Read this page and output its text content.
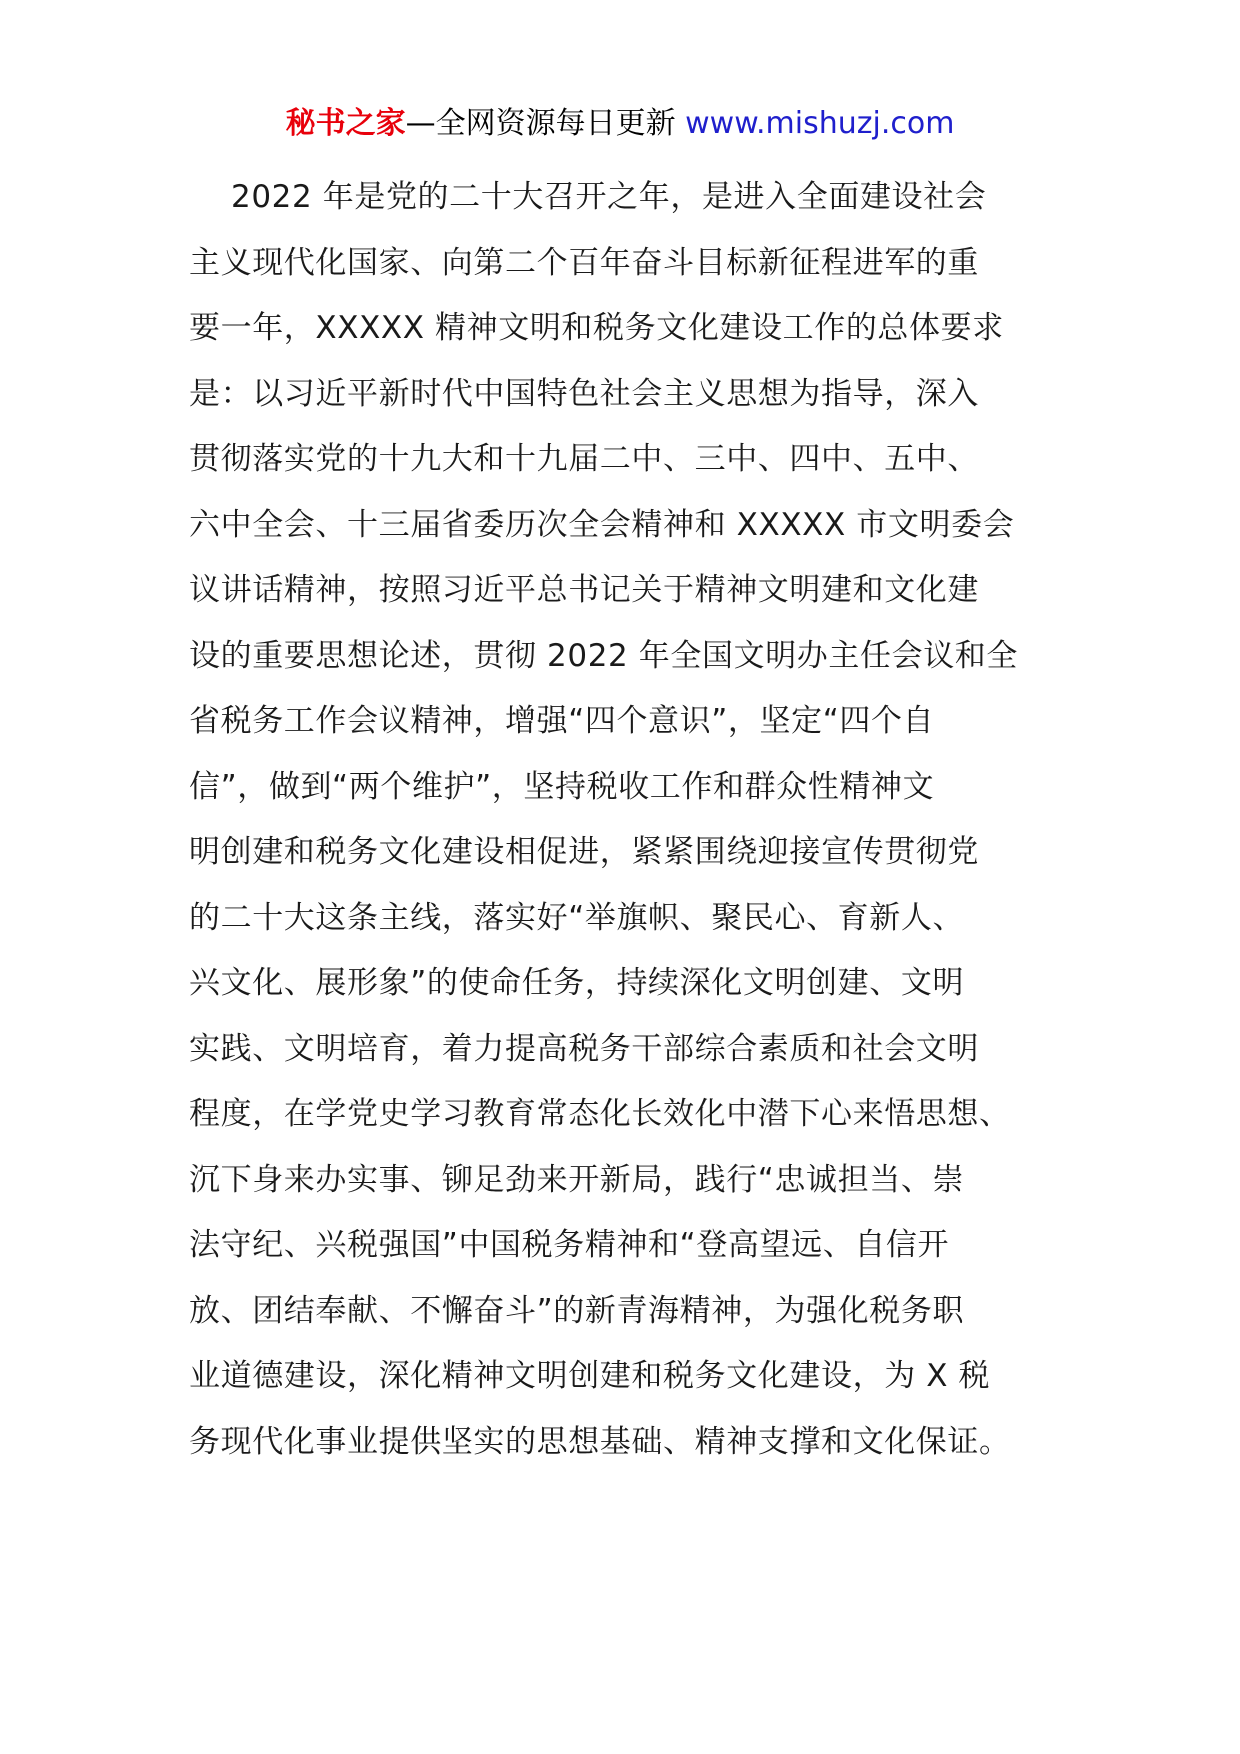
秘书之家—全网资源每日更新 www.mishuzj.com
2022 年是党的二十大召开之年，是进入全面建设社会
主义现代化国家、向第二个百年奋斗目标新征程进军的重
要一年，XXXXX 精神文明和税务文化建设工作的总体要求
是：以习近平新时代中国特色社会主义思想为指导，深入
贯彻落实党的十九大和十九届二中、三中、四中、五中、
六中全会、十三届省委历次全会精神和 XXXXX 市文明委会
议讲话精神，按照习近平总书记关于精神文明建和文化建
设的重要思想论述，贯彻 2022 年全国文明办主任会议和全
省税务工作会议精神，增强“四个意识”，坚定“四个自
信”，做到“两个维护”，坚持税收工作和群众性精神文
明创建和税务文化建设相促进，紧紧围绕迎接宣传贯彻党
的二十大这条主线，落实好“举旗帜、聚民心、育新人、
兴文化、展形象”的使命任务，持续深化文明创建、文明
实践、文明培育，着力提高税务干部综合素质和社会文明
程度，在学党史学习教育常态化长效化中潜下心来悟思想、
沉下身来办实事、铆足劲来开新局，践行“忠诚担当、崇
法守纪、兴税强国”中国税务精神和“登高望远、自信开
放、团结奉献、不懈奋斗”的新青海精神，为强化税务职
业道德建设，深化精神文明创建和税务文化建设，为 X 税
务现代化事业提供坚实的思想基础、精神支撑和文化保证。
